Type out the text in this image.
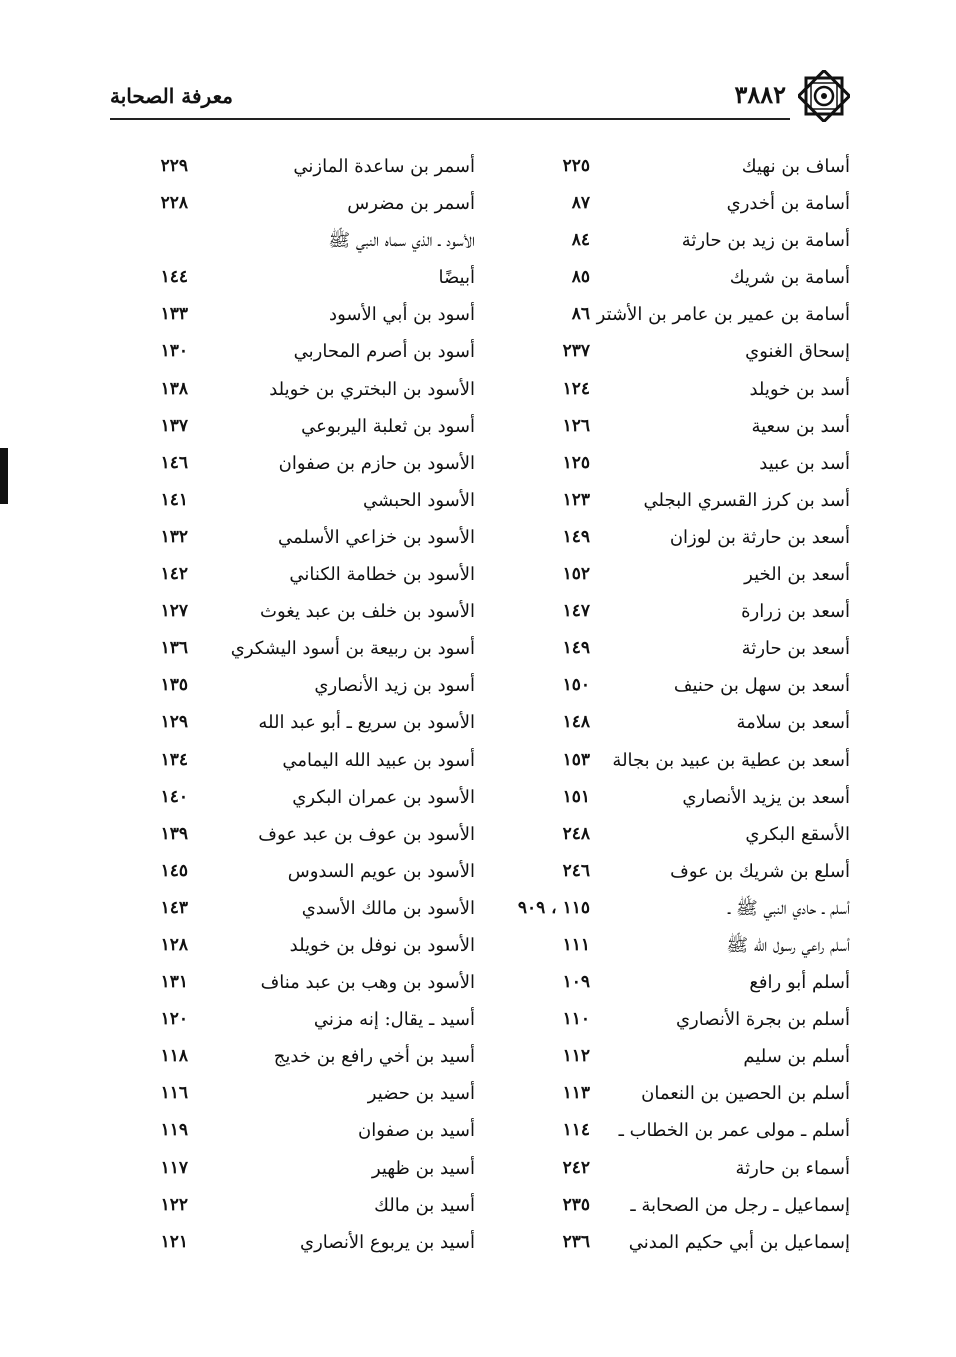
معرفة الصحابة	٣٨٨٢
أساف بن نهيك
٢٢٥
أسمر بن ساعدة المازني
٢٢٩
أسامة بن أخدري
٨٧
أسمر بن مضرس
٢٢٨
أسامة بن زيد بن حارثة
٨٤
الأسود ـ الذي سماه النبي ﷺ
أسامة بن شريك
٨٥
أبيضًا
١٤٤
أسامة بن عمير بن عامر بن الأشتر
٨٦
أسود بن أبي الأسود
١٣٣
إسحاق الغنوي
٢٣٧
أسود بن أصرم المحاربي
١٣٠
أسد بن خويلد
١٢٤
الأسود بن البختري بن خويلد
١٣٨
أسد بن سعية
١٢٦
أسود بن ثعلبة اليربوعي
١٣٧
أسد بن عبيد
١٢٥
الأسود بن حازم بن صفوان
١٤٦
أسد بن كرز القسري البجلي
١٢٣
الأسود الحبشي
١٤١
أسعد بن حارثة بن لوزان
١٤٩
الأسود بن خزاعي الأسلمي
١٣٢
أسعد بن الخير
١٥٢
الأسود بن خطامة الكناني
١٤٢
أسعد بن زرارة
١٤٧
الأسود بن خلف بن عبد يغوث
١٢٧
أسعد بن حارثة
١٤٩
أسود بن ربيعة بن أسود اليشكري
١٣٦
أسعد بن سهل بن حنيف
١٥٠
أسود بن زيد الأنصاري
١٣٥
أسعد بن سلامة
١٤٨
الأسود بن سريع ـ أبو عبد الله
١٢٩
أسعد بن عطية بن عبيد بن بجالة
١٥٣
أسود بن عبيد الله اليمامي
١٣٤
أسعد بن يزيد الأنصاري
١٥١
الأسود بن عمران البكري
١٤٠
الأسقع البكري
٢٤٨
الأسود بن عوف بن عبد عوف
١٣٩
أسلع بن شريك بن عوف
٢٤٦
الأسود بن عويم السدوس
١٤٥
أسلم ـ حادي النبي ﷺ ـ
١١٥ ، ٩٠٩
الأسود بن مالك الأسدي
١٤٣
أسلم راعي رسول الله ﷺ
١١١
الأسود بن نوفل بن خويلد
١٢٨
أسلم أبو رافع
١٠٩
الأسود بن وهب بن عبد مناف
١٣١
أسلم بن بجرة الأنصاري
١١٠
أسيد ـ يقال: إنه مزني
١٢٠
أسلم بن سليم
١١٢
أسيد بن أخي رافع بن خديج
١١٨
أسلم بن الحصين بن النعمان
١١٣
أسيد بن حضير
١١٦
أسلم ـ مولى عمر بن الخطاب ـ
١١٤
أسيد بن صفوان
١١٩
أسماء بن حارثة
٢٤٢
أسيد بن ظهير
١١٧
إسماعيل ـ رجل من الصحابة ـ
٢٣٥
أسيد بن مالك
١٢٢
إسماعيل بن أبي حكيم المدني
٢٣٦
أسيد بن يربوع الأنصاري
١٢١
